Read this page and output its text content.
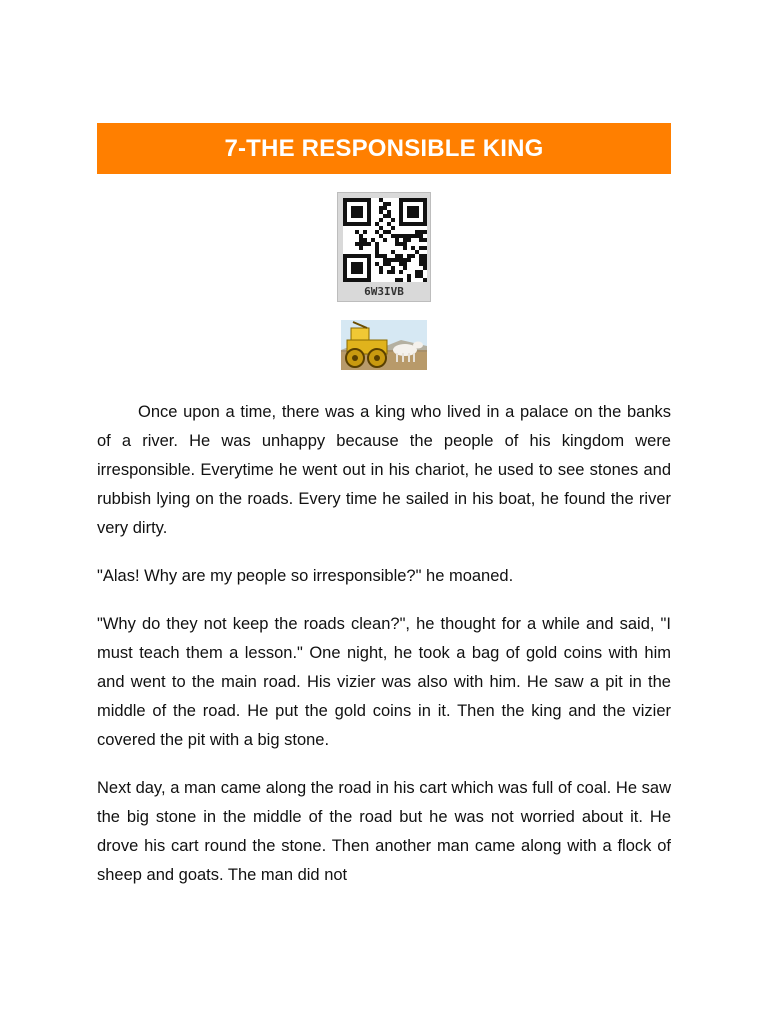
7-THE RESPONSIBLE KING
6W3IVB

Once upon a time, there was a king who lived in a palace on the banks of a river. He was unhappy because the people of his kingdom were irresponsible. Everytime he went out in his chariot, he used to see stones and rubbish lying on the roads. Every time he sailed in his boat, he found the river very dirty.

"Alas! Why are my people so irresponsible?" he moaned.

"Why do they not keep the roads clean?", he thought for a while and said, "I must teach them a lesson." One night, he took a bag of gold coins with him and went to the main road. His vizier was also with him. He saw a pit in the middle of the road. He put the gold coins in it. Then the king and the vizier covered the pit with a big stone.

Next day, a man came along the road in his cart which was full of coal. He saw the big stone in the middle of the road but he was not worried about it. He drove his cart round the stone. Then another man came along with a flock of sheep and goats. The man did not
